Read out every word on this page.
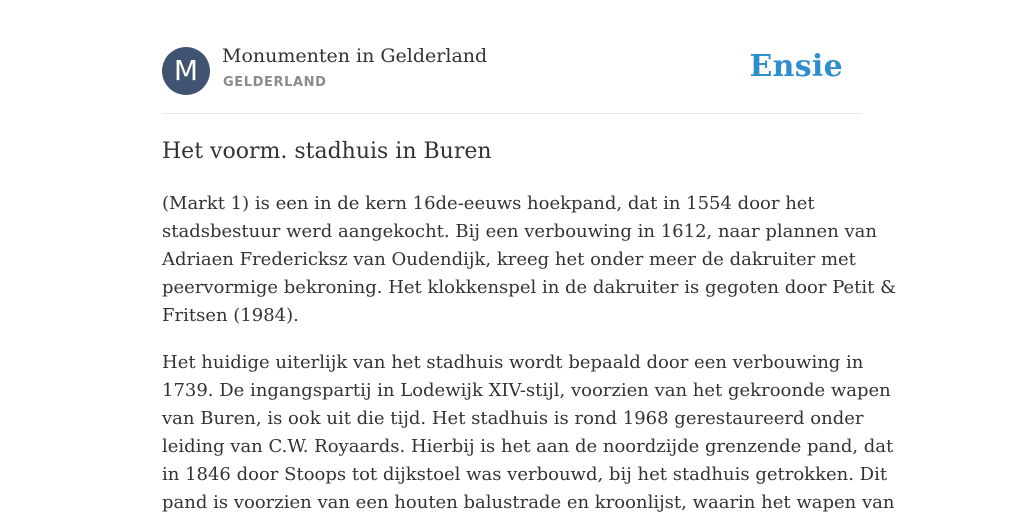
M	Monumenten in Gelderland
GELDERLAND	Ensie
Het voorm. stadhuis in Buren

(Markt 1) is een in de kern 16de-eeuws hoekpand, dat in 1554 door het
stadsbestuur werd aangekocht. Bij een verbouwing in 1612, naar plannen van
Adriaen Fredericksz van Oudendijk, kreeg het onder meer de dakruiter met
peervormige bekroning. Het klokkenspel in de dakruiter is gegoten door Petit &
Fritsen (1984).

Het huidige uiterlijk van het stadhuis wordt bepaald door een verbouwing in
1739. De ingangspartij in Lodewijk XIV-stijl, voorzien van het gekroonde wapen
van Buren, is ook uit die tijd. Het stadhuis is rond 1968 gerestaureerd onder
leiding van C.W. Royaards. Hierbij is het aan de noordzijde grenzende pand, dat
in 1846 door Stoops tot dijkstoel was verbouwd, bij het stadhuis getrokken. Dit
pand is voorzien van een houten balustrade en kroonlijst, waarin het wapen van
